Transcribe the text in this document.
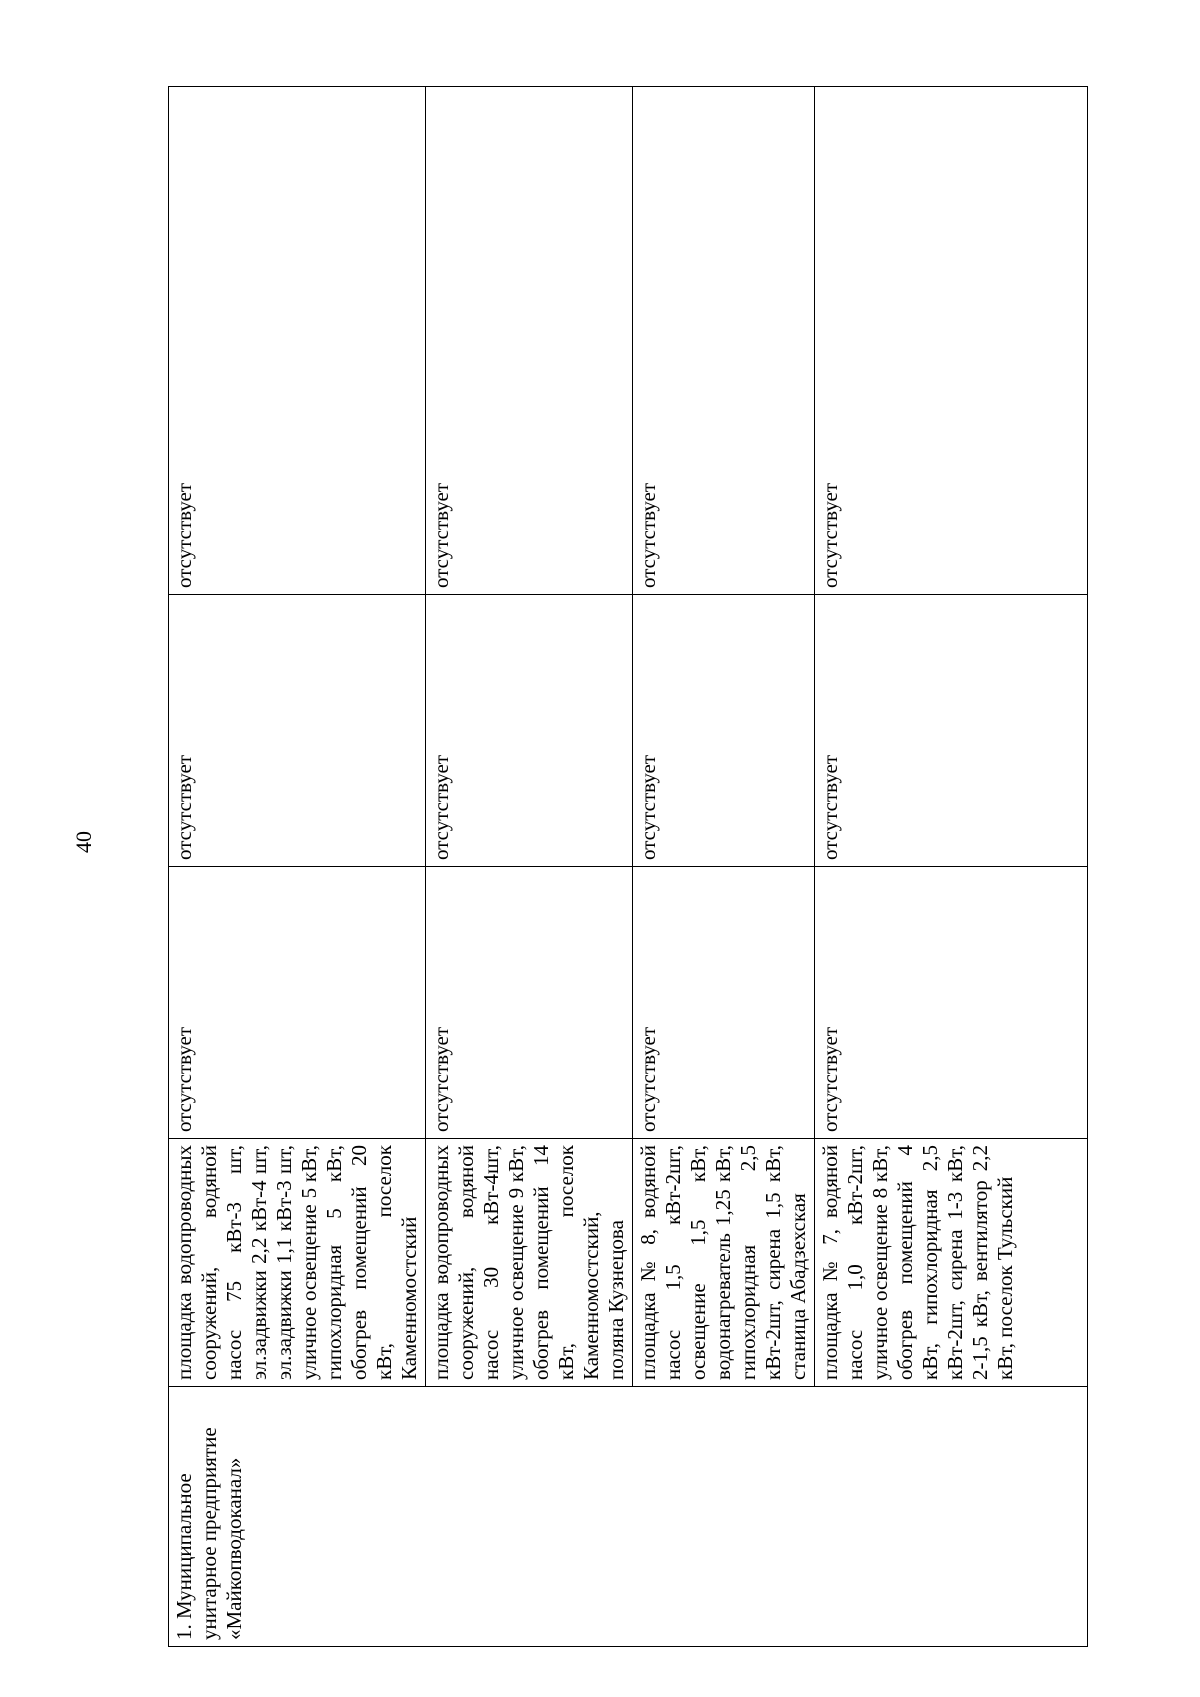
40
1. Муниципальное унитарное предприятие «Майкопводоканал»	площадка водопроводных сооружений, водяной насос 75 кВт-3 шт, эл.задвижки 2,2 кВт-4 шт, эл.задвижки 1,1 кВт-3 шт, уличное освещение 5 кВт, гипохлоридная 5 кВт, обогрев помещений 20 кВт, поселок Каменномостский	отсутствует	отсутствует	отсутствует
	площадка водопроводных сооружений, водяной насос 30 кВт-4шт, уличное освещение 9 кВт, обогрев помещений 14 кВт, поселок Каменномостский, поляна Кузнецова	отсутствует	отсутствует	отсутствует
	площадка № 8, водяной насос 1,5 кВт-2шт, освещение 1,5 кВт, водонагреватель 1,25 кВт, гипохлоридная 2,5 кВт-2шт, сирена 1,5 кВт, станица Абадзехская	отсутствует	отсутствует	отсутствует
	площадка № 7, водяной насос 1,0 кВт-2шт, уличное освещение 8 кВт, обогрев помещений 4 кВт, гипохлоридная 2,5 кВт-2шт, сирена 1-3 кВт, 2-1,5 кВт, вентилятор 2,2 кВт, поселок Тульский	отсутствует	отсутствует	отсутствует
